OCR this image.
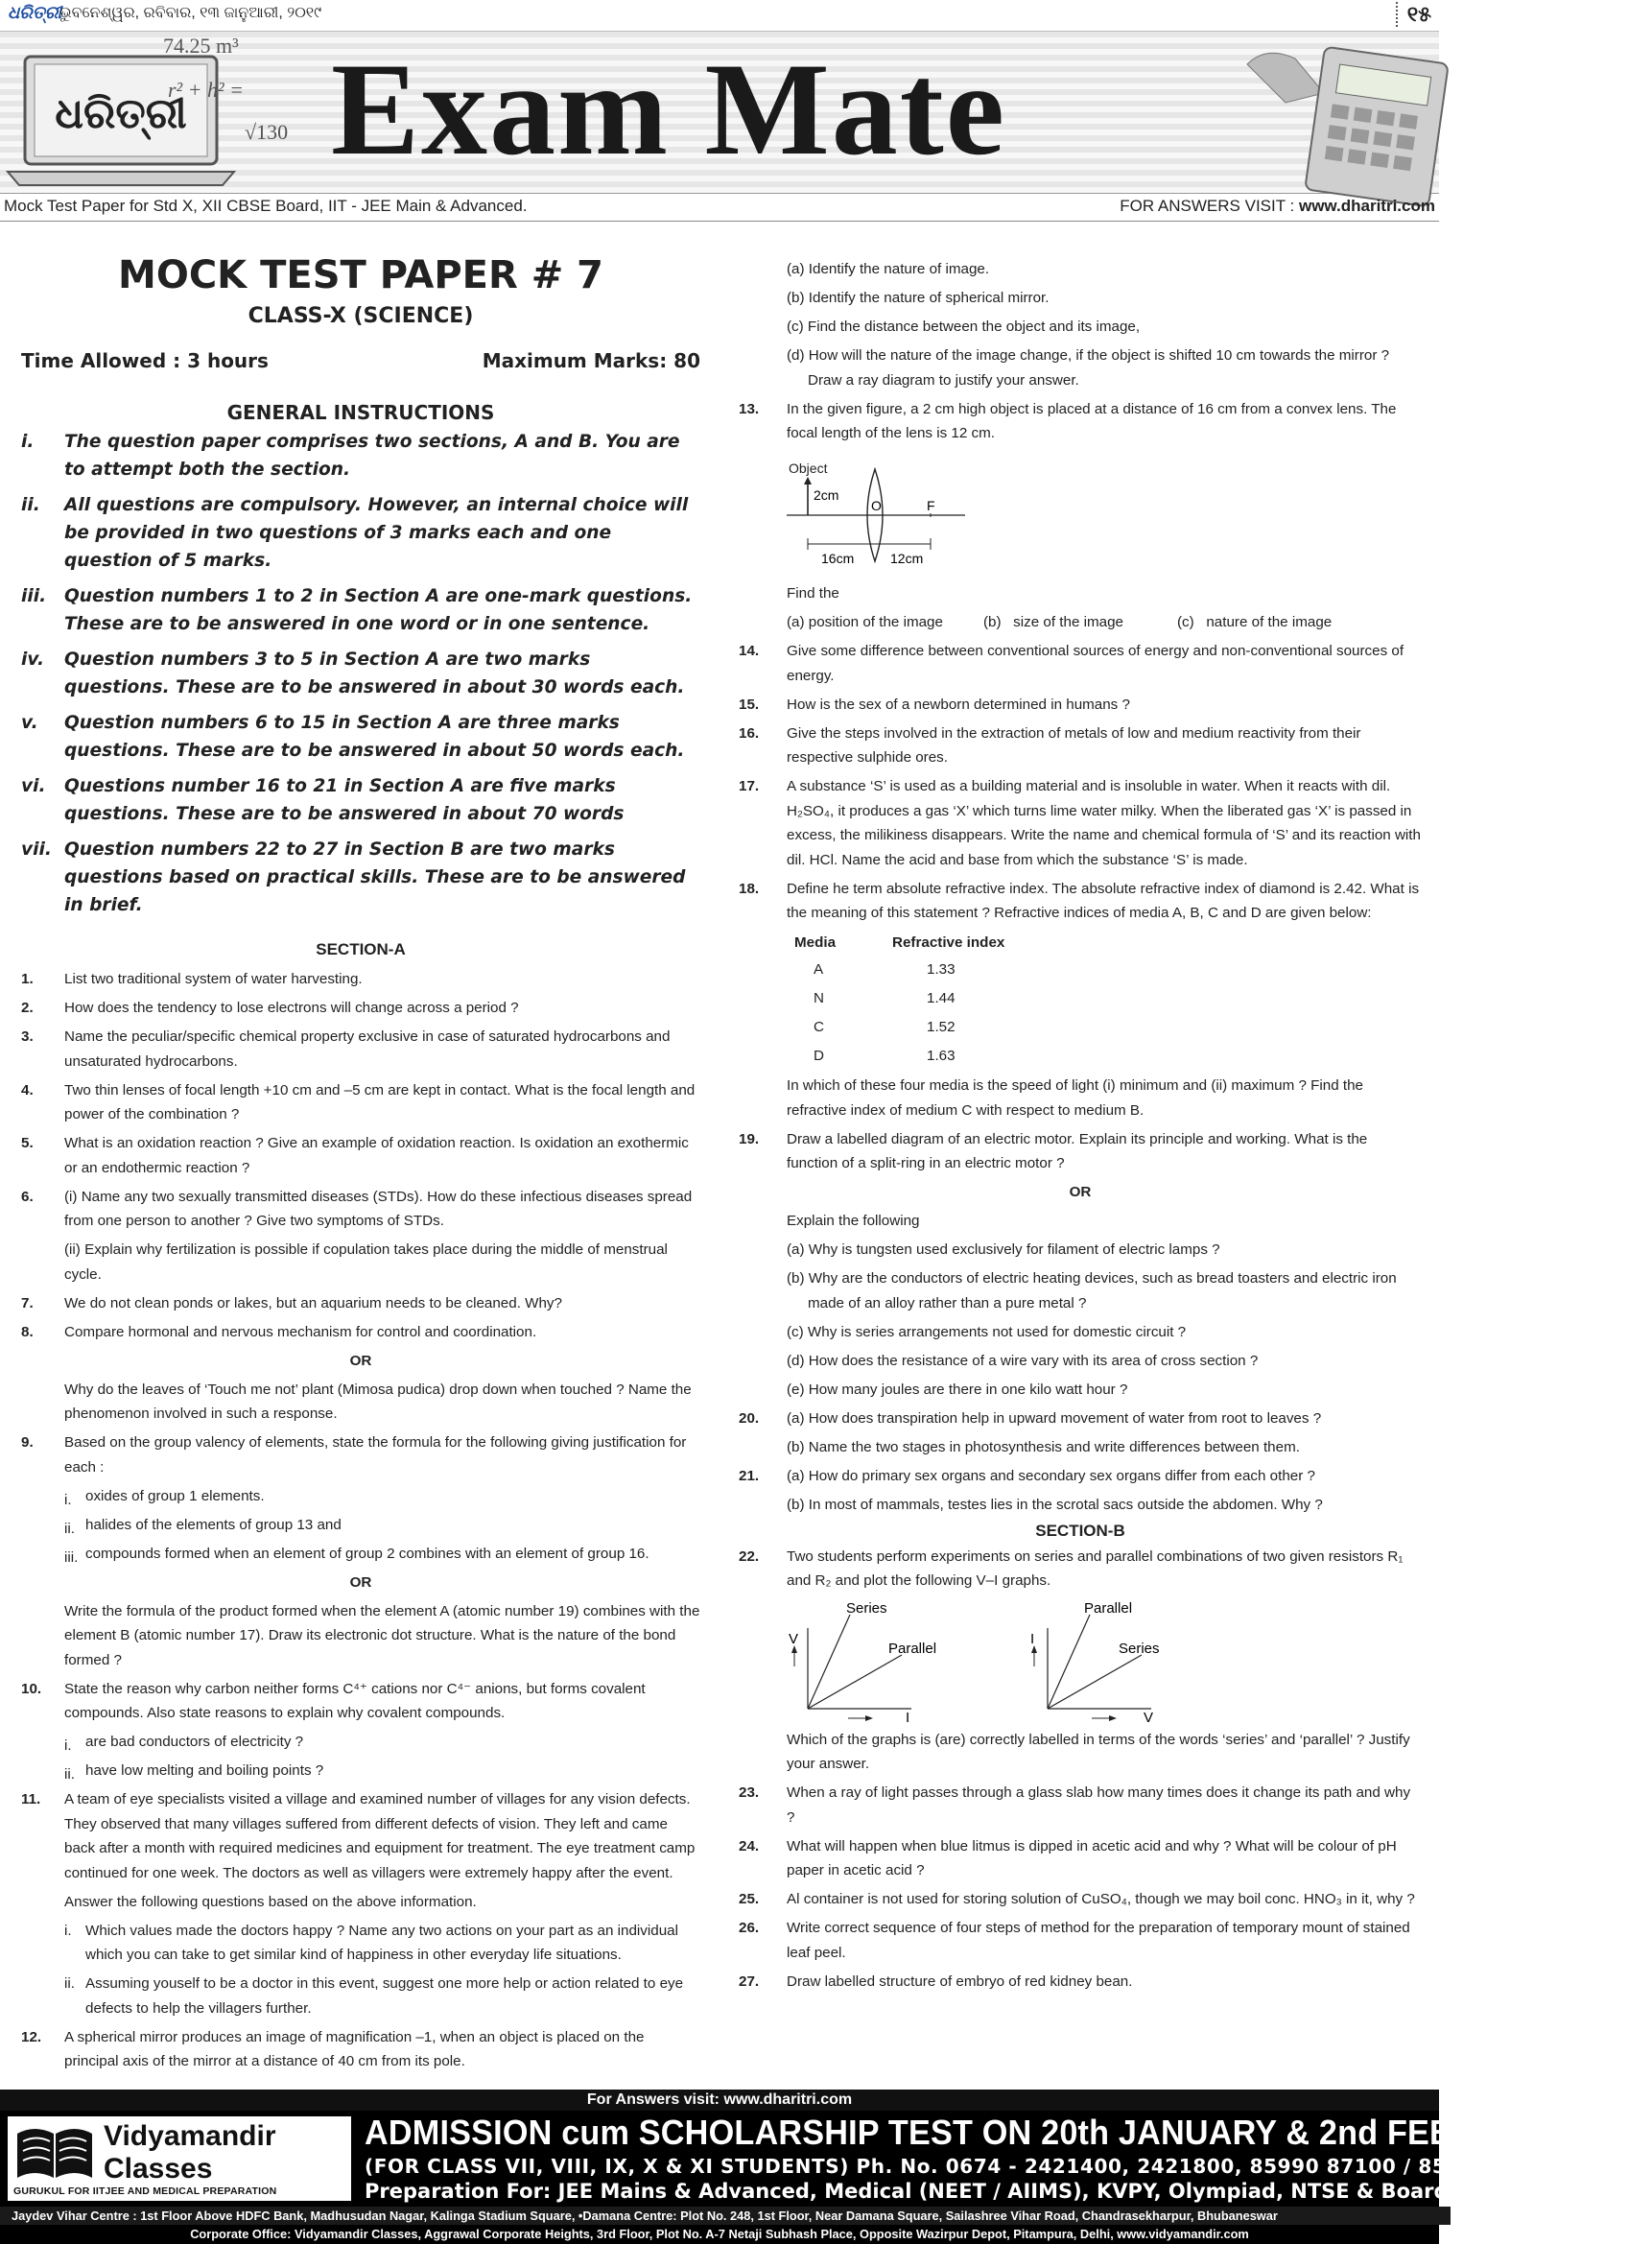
ଧରିତ୍ରୀ
ଭୁବନେଶ୍ୱର, ରବିବାର, ୧୩ ଜାନୁଆରୀ, ୨୦୧୯	୧୫
ଧରିତ୍ରୀ
74.25 m³
r² + h² =
√130 Exam Mate
Mock Test Paper for Std X, XII CBSE Board, IIT - JEE Main & Advanced.	FOR ANSWERS VISIT : www.dharitri.com
MOCK TEST PAPER # 7
CLASS-X (SCIENCE)
Time Allowed : 3 hours	Maximum Marks: 80
GENERAL INSTRUCTIONS
i. The question paper comprises two sections, A and B. You are to attempt both the section.
ii. All questions are compulsory. However, an internal choice will be provided in two questions of 3 marks each and one question of 5 marks.
iii. Question numbers 1 to 2 in Section A are one-mark questions. These are to be answered in one word or in one sentence.
iv. Question numbers 3 to 5 in Section A are two marks questions. These are to be answered in about 30 words each.
v. Question numbers 6 to 15 in Section A are three marks questions. These are to be answered in about 50 words each.
vi. Questions number 16 to 21 in Section A are five marks questions. These are to be answered in about 70 words
vii. Question numbers 22 to 27 in Section B are two marks questions based on practical skills. These are to be answered in brief.
SECTION-A
1. List two traditional system of water harvesting.
2. How does the tendency to lose electrons will change across a period ?
3. Name the peculiar/specific chemical property exclusive in case of saturated hydrocarbons and unsaturated hydrocarbons.
4. Two thin lenses of focal length +10 cm and –5 cm are kept in contact. What is the focal length and power of the combination ?
5. What is an oxidation reaction ? Give an example of oxidation reaction. Is oxidation an exothermic or an endothermic reaction ?
6. (i) Name any two sexually transmitted diseases (STDs). How do these infectious diseases spread from one person to another ? Give two symptoms of STDs.
(ii) Explain why fertilization is possible if copulation takes place during the middle of menstrual cycle.
7. We do not clean ponds or lakes, but an aquarium needs to be cleaned. Why?
8. Compare hormonal and nervous mechanism for control and coordination.
OR
Why do the leaves of ‘Touch me not’ plant (Mimosa pudica) drop down when touched ? Name the phenomenon involved in such a response.
9. Based on the group valency of elements, state the formula for the following giving justification for each :
i. oxides of group 1 elements.
ii. halides of the elements of group 13 and
iii. compounds formed when an element of group 2 combines with an element of group 16.
OR
Write the formula of the product formed when the element A (atomic number 19) combines with the element B (atomic number 17). Draw its electronic dot structure. What is the nature of the bond formed ?
10. State the reason why carbon neither forms C⁴⁺ cations nor C⁴⁻ anions, but forms covalent compounds. Also state reasons to explain why covalent compounds.
i. are bad conductors of electricity ?
ii. have low melting and boiling points ?
11. A team of eye specialists visited a village and examined number of villages for any vision defects. They observed that many villages suffered from different defects of vision. They left and came back after a month with required medicines and equipment for treatment. The eye treatment camp continued for one week. The doctors as well as villagers were extremely happy after the event.
Answer the following questions based on the above information.
i. Which values made the doctors happy ? Name any two actions on your part as an individual which you can take to get similar kind of happiness in other everyday life situations.
ii. Assuming youself to be a doctor in this event, suggest one more help or action related to eye defects to help the villagers further.
12. A spherical mirror produces an image of magnification –1, when an object is placed on the principal axis of the mirror at a distance of 40 cm from its pole.
(a) Identify the nature of image.
(b) Identify the nature of spherical mirror.
(c) Find the distance between the object and its image,
(d) How will the nature of the image change, if the object is shifted 10 cm towards the mirror ? Draw a ray diagram to justify your answer.
13. In the given figure, a 2 cm high object is placed at a distance of 16 cm from a convex lens. The focal length of the lens is 12 cm.
Object
2cm
O	F
16cm	12cm
Find the
(a) position of the image	(b)   size of the image	(c)   nature of the image
14. Give some difference between conventional sources of energy and non-conventional sources of energy.
15. How is the sex of a newborn determined in humans ?
16. Give the steps involved in the extraction of metals of low and medium reactivity from their respective sulphide ores.
17. A substance ‘S’ is used as a building material and is insoluble in water. When it reacts with dil. H₂SO₄, it produces a gas ‘X’ which turns lime water milky. When the liberated gas ‘X’ is passed in excess, the milikiness disappears. Write the name and chemical formula of ‘S’ and its reaction with dil. HCl. Name the acid and base from which the substance ‘S’ is made.
18. Define he term absolute refractive index. The absolute refractive index of diamond is 2.42. What is the meaning of this statement ? Refractive indices of media A, B, C and D are given below:
Media	Refractive index
A	1.33
N	1.44
C	1.52
D	1.63
In which of these four media is the speed of light (i) minimum and (ii) maximum ? Find the refractive index of medium C with respect to medium B.
19. Draw a labelled diagram of an electric motor. Explain its principle and working. What is the function of a split-ring in an electric motor ?
OR
Explain the following
(a) Why is tungsten used exclusively for filament of electric lamps ?
(b) Why are the conductors of electric heating devices, such as bread toasters and electric iron made of an alloy rather than a pure metal ?
(c) Why is series arrangements not used for domestic circuit ?
(d) How does the resistance of a wire vary with its area of cross section ?
(e) How many joules are there in one kilo watt hour ?
20. (a) How does transpiration help in upward movement of water from root to leaves ?
(b) Name the two stages in photosynthesis and write differences between them.
21. (a) How do primary sex organs and secondary sex organs differ from each other ?
(b) In most of mammals, testes lies in the scrotal sacs outside the abdomen. Why ?
SECTION-B
22. Two students perform experiments on series and parallel combinations of two given resistors R₁ and R₂ and plot the following V–I graphs.
V
I
Series
Parallel
I
V
Parallel
Series
Which of the graphs is (are) correctly labelled in terms of the words ‘series’ and ‘parallel’ ? Justify your answer.
23. When a ray of light passes through a glass slab how many times does it change its path and why ?
24. What will happen when blue litmus is dipped in acetic acid and why ? What will be colour of pH paper in acetic acid ?
25. Al container is not used for storing solution of CuSO₄, though we may boil conc. HNO₃ in it, why ?
26. Write correct sequence of four steps of method for the preparation of temporary mount of stained leaf peel.
27. Draw labelled structure of embryo of red kidney bean.
For Answers visit: www.dharitri.com
Vidyamandir
Classes
GURUKUL FOR IITJEE AND MEDICAL PREPARATION
ADMISSION cum SCHOLARSHIP TEST ON 20th JANUARY & 2nd FEBRUARY 2019
(FOR CLASS VII, VIII, IX, X & XI STUDENTS) Ph. No. 0674 - 2421400, 2421800, 85990 87100 / 85990 87200
Preparation For: JEE Mains & Advanced, Medical (NEET / AIIMS), KVPY, Olympiad, NTSE & Board.
Jaydev Vihar Centre : 1st Floor Above HDFC Bank, Madhusudan Nagar, Kalinga Stadium Square, •Damana Centre: Plot No. 248, 1st Floor, Near Damana Square, Sailashree Vihar Road, Chandrasekharpur, Bhubaneswar
Corporate Office: Vidyamandir Classes, Aggrawal Corporate Heights, 3rd Floor, Plot No. A-7 Netaji Subhash Place, Opposite Wazirpur Depot, Pitampura, Delhi, www.vidyamandir.com
